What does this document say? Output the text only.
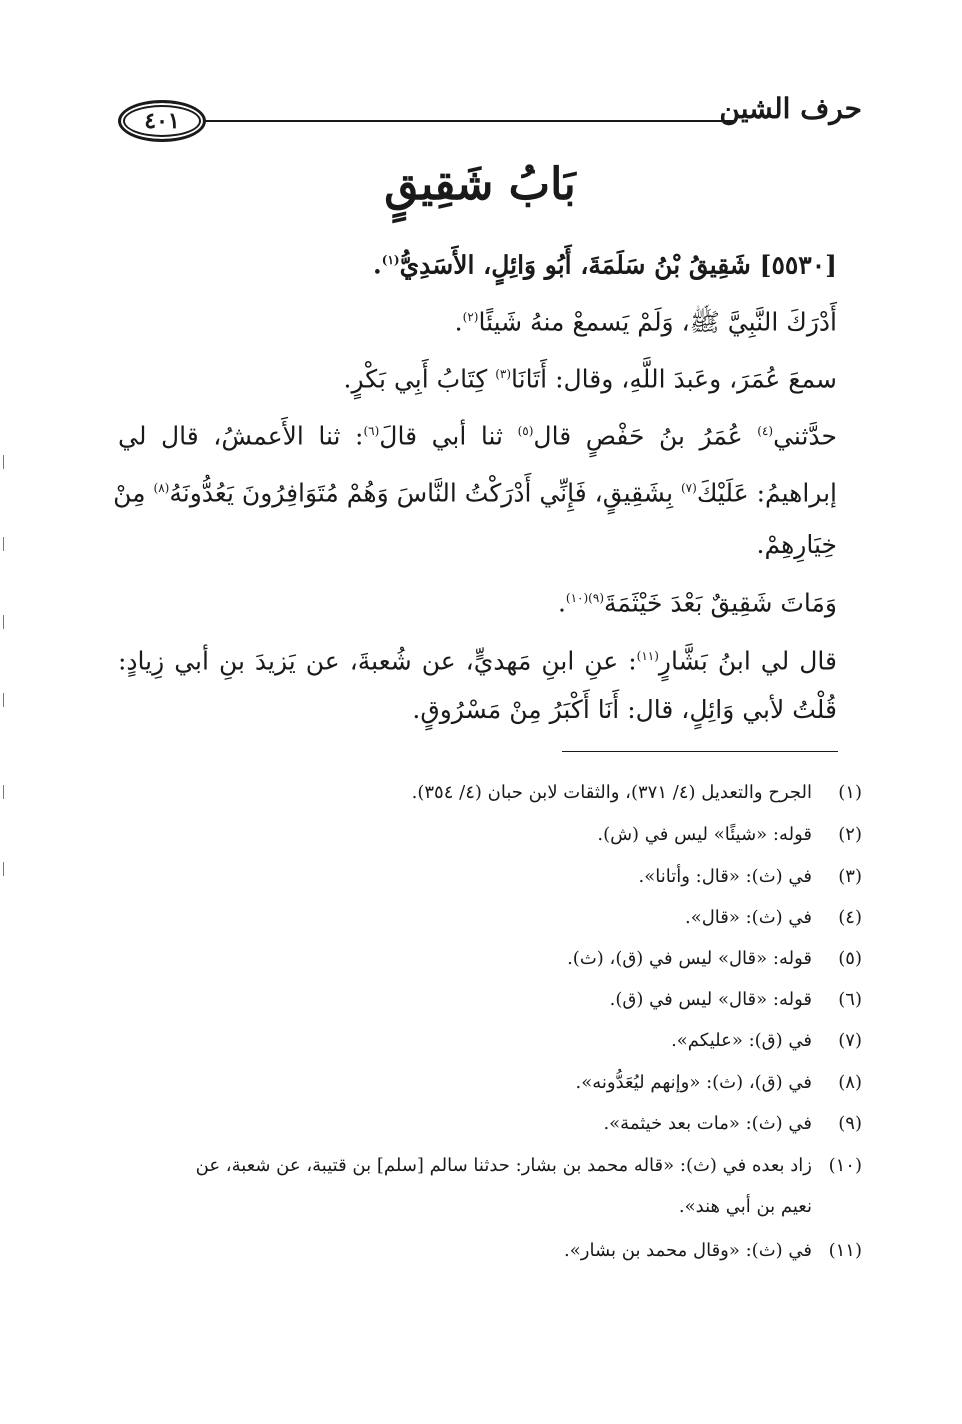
حرف الشين
٤٠١
بَابُ شَقِيقٍ
[٥٥٣٠] شَقِيقُ بْنُ سَلَمَةَ، أَبُو وَائِلٍ، الأَسَدِيُّ$^{(١)}$.
أَدْرَكَ النَّبِيَّ ﷺ، وَلَمْ يَسمعْ منهُ شَيئًا$^{(٢)}$.
سمعَ عُمَرَ، وعَبدَ اللَّهِ، وقال: أَتَانَا$^{(٣)}$ كِتَابُ أَبِي بَكْرٍ.
حدَّثني$^{(٤)}$ عُمَرُ بنُ حَفْصٍ قال$^{(٥)}$ ثنا أبي قالَ$^{(٦)}$: ثنا الأَعمشُ، قال لي
إبراهيمُ: عَلَيْكَ$^{(٧)}$ بِشَقِيقٍ، فَإِنِّي أَدْرَكْتُ النَّاسَ وَهُمْ مُتَوَافِرُونَ يَعُدُّونَهُ$^{(٨)}$ مِنْ
خِيَارِهِمْ.
وَمَاتَ شَقِيقٌ بَعْدَ خَيْثَمَةَ$^{(٩)(١٠)}$.
قال لي ابنُ بَشَّارٍ$^{(١١)}$: عنِ ابنِ مَهديٍّ، عن شُعبةَ، عن يَزيدَ بنِ أبي زِيادٍ:
قُلْتُ لأبي وَائِلٍ، قال: أَنَا أَكْبَرُ مِنْ مَسْرُوقٍ.
(١)الجرح والتعديل (٤/ ٣٧١)، والثقات لابن حبان (٤/ ٣٥٤).
(٢)قوله: «شيئًا» ليس في (ش).
(٣)في (ث): «قال: وأتانا».
(٤)في (ث): «قال».
(٥)قوله: «قال» ليس في (ق)، (ث).
(٦)قوله: «قال» ليس في (ق).
(٧)في (ق): «عليكم».
(٨)في (ق)، (ث): «وإنهم ليُعَدُّونه».
(٩)في (ث): «مات بعد خيثمة».
(١٠)زاد بعده في (ث): «قاله محمد بن بشار: حدثنا سالم [سلم] بن قتيبة، عن شعبة، عن
نعيم بن أبي هند».
(١١)في (ث): «وقال محمد بن بشار».
